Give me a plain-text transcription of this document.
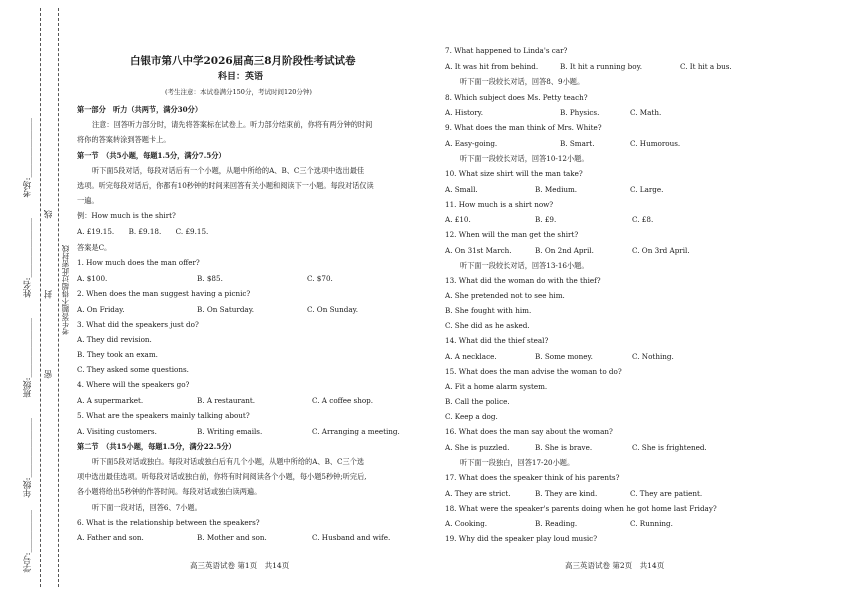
考场:______________
姓名:______________
班级:______________
年级:______________
学号:__________
线
封
密
考生答题不得超过此密封线
白银市第八中学2026届高三8月阶段性考试试卷
科目：英语
(考生注意：本试卷满分150分，考试时间120分钟)
第一部分　听力（共两节，满分30分）
注意：回答听力部分时，请先将答案标在试卷上。听力部分结束前，你将有两分钟的时间
将你的答案转涂到答题卡上。
第一节　（共5小题，每题1.5分，满分7.5分）
听下面5段对话，每段对话后有一个小题，从题中所给的A、B、C三个选项中选出最佳
选项。听完每段对话后，你都有10秒钟的时间来回答有关小题和阅读下一小题。每段对话仅读
一遍。
例：How much is the shirt?
A. £19.15.　　B. £9.18.　　C. £9.15.
答案是C。
1. How much does the man offer?
A. $100.	B. $85.	C. $70.
2. When does the man suggest having a picnic?
A. On Friday.	B. On Saturday.	C. On Sunday.
3. What did the speakers just do?
A. They did revision.
B. They took an exam.
C. They asked some questions.
4. Where will the speakers go?
A. A supermarket.	B. A restaurant.	C. A coffee shop.
5. What are the speakers mainly talking about?
A. Visiting customers.	B. Writing emails.	C. Arranging a meeting.
第二节　（共15小题，每题1.5分，满分22.5分）
听下面5段对话或独白。每段对话或独白后有几个小题，从题中所给的A、B、C三个选
项中选出最佳选项。听每段对话或独白前，你将有时间阅读各个小题，每小题5秒钟;听完后,
各小题将给出5秒钟的作答时间。每段对话或独白读两遍。
听下面一段对话，回答6、7小题。
6. What is the relationship between the speakers?
A. Father and son.	B. Mother and son.	C. Husband and wife.
高三英语试卷 第1页　共14页
7. What happened to Linda's car?
A. It was hit from behind.	B. It hit a running boy.	C. It hit a bus.
听下面一段较长对话，回答8、9小题。
8. Which subject does Ms. Petty teach?
A. History.	B. Physics.	C. Math.
9. What does the man think of Mrs. White?
A. Easy-going.	B. Smart.	C. Humorous.
听下面一段较长对话，回答10-12小题。
10. What size shirt will the man take?
A. Small.	B. Medium.	C. Large.
11. How much is a shirt now?
A. £10.	B. £9.	C. £8.
12. When will the man get the shirt?
A. On 31st March.	B. On 2nd April.	C. On 3rd April.
听下面一段较长对话，回答13-16小题。
13. What did the woman do with the thief?
A. She pretended not to see him.
B. She fought with him.
C. She did as he asked.
14. What did the thief steal?
A. A necklace.	B. Some money.	C. Nothing.
15. What does the man advise the woman to do?
A. Fit a home alarm system.
B. Call the police.
C. Keep a dog.
16. What does the man say about the woman?
A. She is puzzled.	B. She is brave.	C. She is frightened.
听下面一段独白，回答17-20小题。
17. What does the speaker think of his parents?
A. They are strict.	B. They are kind.	C. They are patient.
18. What were the speaker's parents doing when he got home last Friday?
A. Cooking.	B. Reading.	C. Running.
19. Why did the speaker play loud music?
高三英语试卷 第2页　共14页
